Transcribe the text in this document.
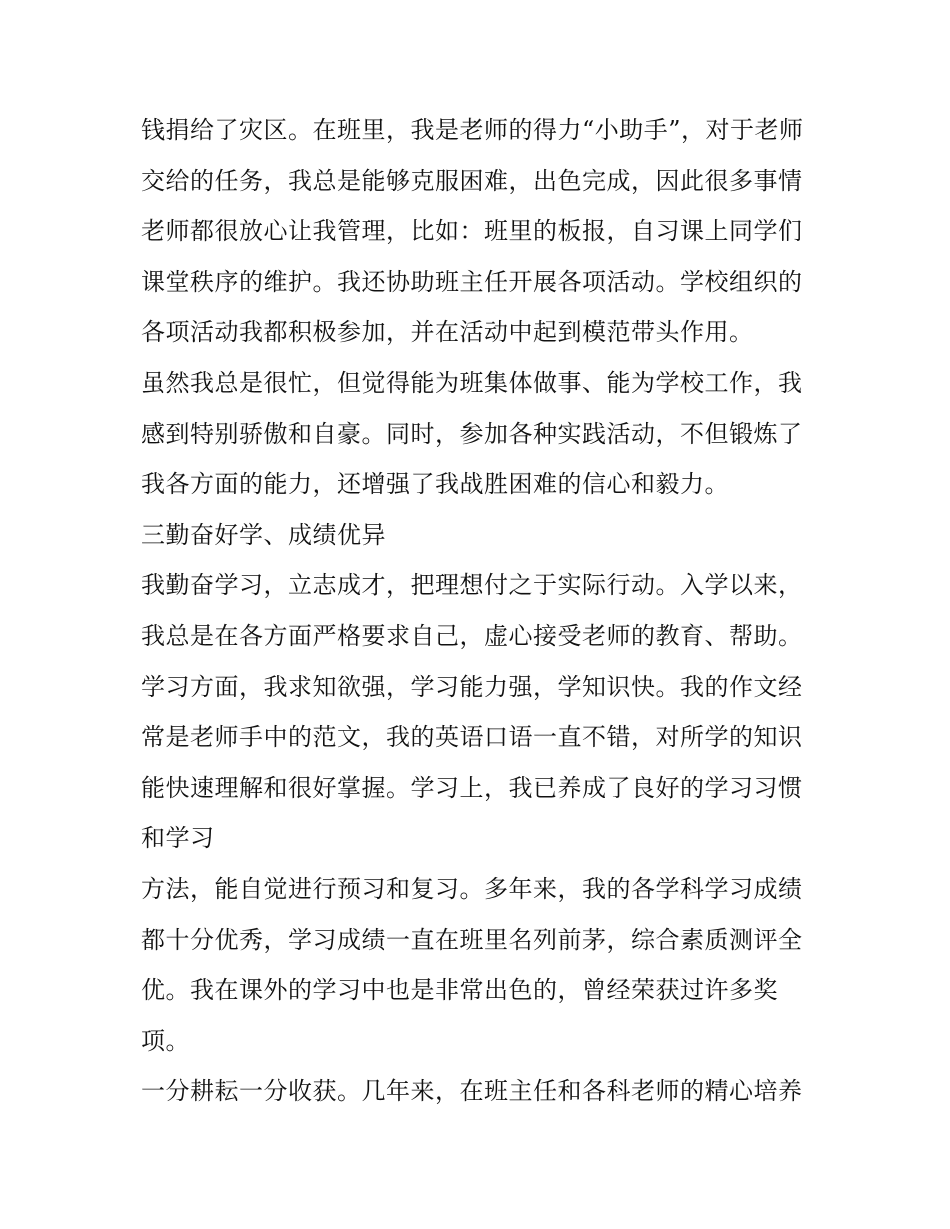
钱捐给了灾区。在班里，我是老师的得力“小助手”，对于老师
交给的任务，我总是能够克服困难，出色完成，因此很多事情
老师都很放心让我管理，比如：班里的板报，自习课上同学们
课堂秩序的维护。我还协助班主任开展各项活动。学校组织的
各项活动我都积极参加，并在活动中起到模范带头作用。
虽然我总是很忙，但觉得能为班集体做事、能为学校工作，我
感到特别骄傲和自豪。同时，参加各种实践活动，不但锻炼了
我各方面的能力，还增强了我战胜困难的信心和毅力。
三勤奋好学、成绩优异
我勤奋学习，立志成才，把理想付之于实际行动。入学以来，
我总是在各方面严格要求自己，虚心接受老师的教育、帮助。
学习方面，我求知欲强，学习能力强，学知识快。我的作文经
常是老师手中的范文，我的英语口语一直不错，对所学的知识
能快速理解和很好掌握。学习上，我已养成了良好的学习习惯
和学习
方法，能自觉进行预习和复习。多年来，我的各学科学习成绩
都十分优秀，学习成绩一直在班里名列前茅，综合素质测评全
优。我在课外的学习中也是非常出色的，曾经荣获过许多奖
项。
一分耕耘一分收获。几年来，在班主任和各科老师的精心培养
